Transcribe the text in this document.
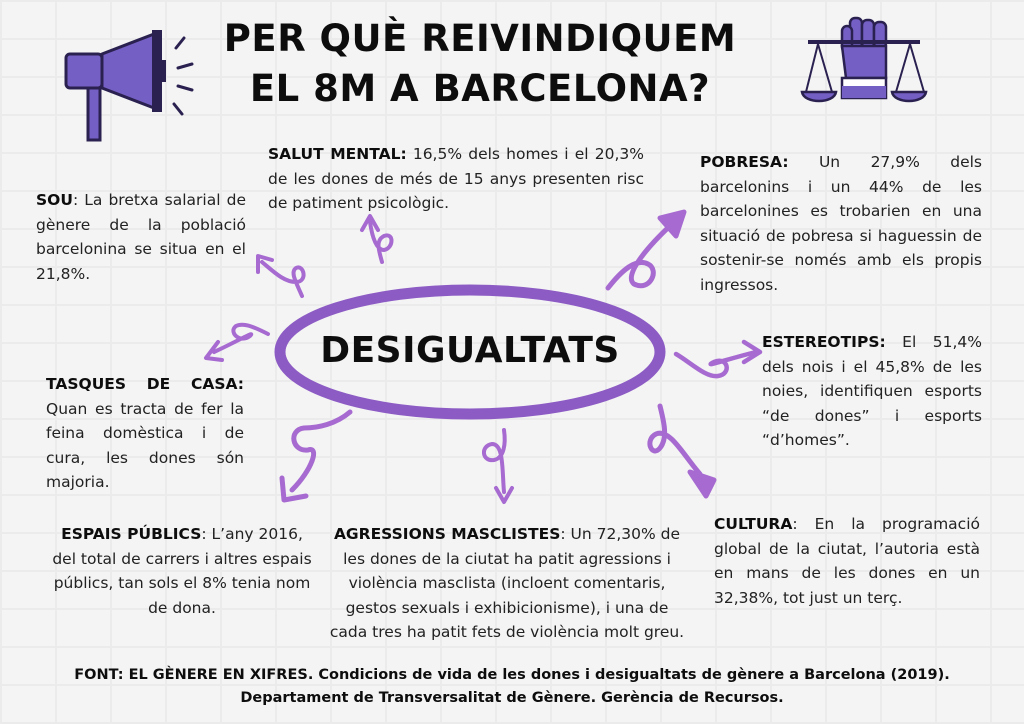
PER QUÈ REIVINDIQUEM
EL 8M A BARCELONA?
DESIGUALTATS
SALUT MENTAL: 16,5% dels homes i el 20,3% de les dones de més de 15 anys presenten risc de patiment psicològic.
POBRESA: Un 27,9% dels barcelonins i un 44% de les barcelonines es trobarien en una situació de pobresa si haguessin de sostenir-se només amb els propis ingressos.
SOU: La bretxa salarial de gènere de la població barcelonina se situa en el 21,8%.
ESTEREOTIPS: El 51,4% dels nois i el 45,8% de les noies, identifiquen esports “de dones” i esports “d’homes”.
TASQUES DE CASA: Quan es tracta de fer la feina domèstica i de cura, les dones són majoria.
ESPAIS PÚBLICS: L’any 2016, del total de carrers i altres espais públics, tan sols el 8% tenia nom de dona.
AGRESSIONS MASCLISTES: Un 72,30% de les dones de la ciutat ha patit agressions i violència masclista (incloent comentaris, gestos sexuals i exhibicionisme), i una de cada tres ha patit fets de violència molt greu.
CULTURA: En la programació global de la ciutat, l’autoria està en mans de les dones en un 32,38%, tot just un terç.
FONT: EL GÈNERE EN XIFRES. Condicions de vida de les dones i desigualtats de gènere a Barcelona (2019).
Departament de Transversalitat de Gènere. Gerència de Recursos.
